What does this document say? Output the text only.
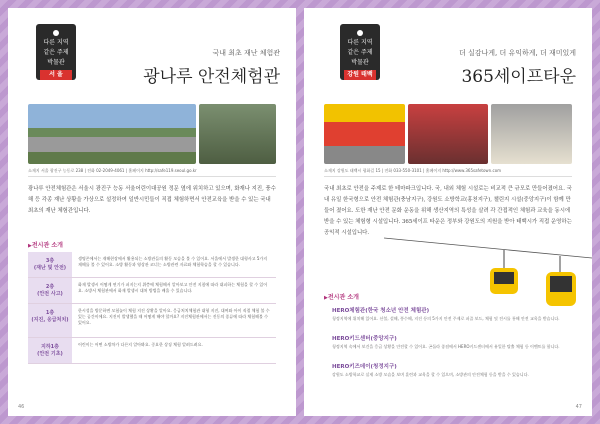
다른 지역
같은 주제
박물관
서 울
국내 최초 재난 체험관
광나루 안전체험관
소재지 서울 광진구 능동로 238 | 전화 02-2049-4061 | 홈페이지 http://safe119.seoul.go.kr
광나루 안전체험관은 서울시 광진구 능동 서울어린이대공원 정문 옆에 위치하고 있으며, 화재나 지진, 풍수해 등 각종 재난 상황을 가상으로 설정하여 일반시민들이 직접 체험하면서 안전교육을 받을 수 있는 국내 최초의 재난 체험관입니다.
▶ 전시관 소개
3층
(재난 및 안전)
생명존에서는 재해현장에서 활용되는 소방관들의 활동 모습을 볼 수 있어요. 서울에서 발생한 대형사고 5가지 재해를 볼 수 있어요. 소방 활동과 영상관 코너는 소방관련 자료와 체험학습을 할 수 있습니다.
2층
(안전 사고)
화재 발생시 어떻게 연기가 퍼지는지 위층에 체험해서 알아보고 안전 지침에 따라 대피하는 체험을 할 수 있어요. 소방서 체험관에서 화재 발생시 대처 방법을 배울 수 있습니다.
1층
(지진, 응급처치)
한시성을 방문하면 모험놀이 체험 지진 상황을 알아요. 응급처치체험관 대형 지진, 대여와 아이 직접 체험 볼 수 있는 공간이에요. 지진이 발생했을 때 어떻게 해야 할까요? 지진체험관에서는 진동의 종류에 따라 체험해볼 수 있어요.
지하1층
(안전 기초)
어린이는 어떤 소방차가 다른지 알아봐요. 중요한 상징 체험 알려드려요.
46
다른 지역
같은 주제
박물관
강원 태백
더 실감나게, 더 유익하게, 더 재미있게
365세이프타운
소재지 강원도 태백시 평화길 15 | 전화 033-550-3101 | 홈페이지 http://www.365safetown.com
국내 최초로 안전을 주제로 한 테마파크입니다. 국, 내외 체험 시설로는 비교적 큰 규모로 만들어졌어요. 국내 유일 한국형으로 안전 체험관(충남지구), 강원도 소방학교(홍천지구), 챌린지 시설(중앙지구)이 함께 만들어 졌어요. 도한 재난 안전 문화 운동을 위해 생산지역의 특성을 살려 각 간접적인 체험과 교육을 동시에 받을 수 있는 체험형 시설입니다. 365세이프 타운은 정부와 강원도의 지원을 받아 태백시가 직접 운영하는 공익적 시설입니다.
▶ 전시관 소개
HERO체험관(한국 청소년 안전 체험관)
청정지역에 위치해 있어요. 산불, 설해, 풍수해, 지진 등의 5가지 안전 주제로 퍼즐 보드, 체험 및 전시를 통해 안전 교육을 받습니다.
HERO키드센터(중앙지구)
청정지역 속에서 보건을 응급 상황을 안전할 수 있어요. 곤돌라 종점에서 HERO키드센터에서 유일한 탈출 체험 등 이벤트를 합니다.
HERO키즈데이(청정지구)
강원도 소방학교로 실제 소방 모습을 보며 훈련과 교육을 할 수 있으며, 소방관의 안전체험 등을 받을 수 있습니다.
47
